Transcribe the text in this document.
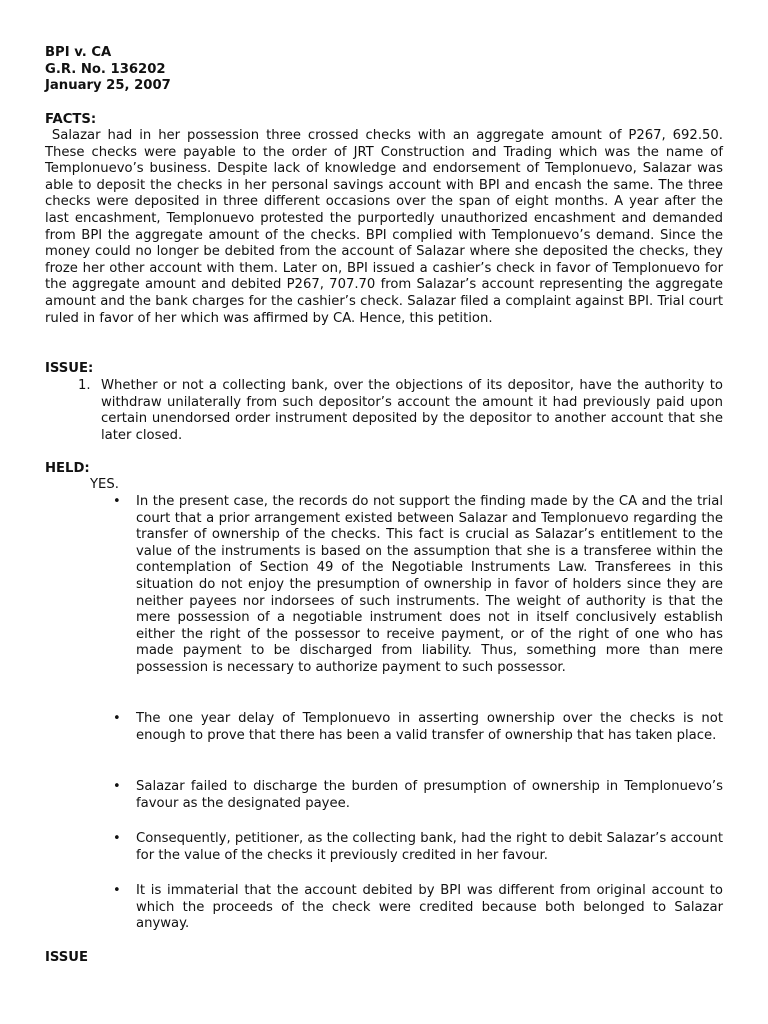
BPI v. CA
G.R. No. 136202
January 25, 2007
FACTS:
Salazar had in her possession three crossed checks with an aggregate amount of P267, 692.50. These checks were payable to the order of JRT Construction and Trading which was the name of Templonuevo’s business. Despite lack of knowledge and endorsement of Templonuevo, Salazar was able to deposit the checks in her personal savings account with BPI and encash the same. The three checks were deposited in three different occasions over the span of eight months. A year after the last encashment, Templonuevo protested the purportedly unauthorized encashment and demanded from BPI the aggregate amount of the checks. BPI complied with Templonuevo’s demand. Since the money could no longer be debited from the account of Salazar where she deposited the checks, they froze her other account with them. Later on, BPI issued a cashier’s check in favor of Templonuevo for the aggregate amount and debited P267, 707.70 from Salazar’s account representing the aggregate amount and the bank charges for the cashier’s check. Salazar filed a complaint against BPI. Trial court ruled in favor of her which was affirmed by CA. Hence, this petition.
ISSUE:
1. Whether or not a collecting bank, over the objections of its depositor, have the authority to withdraw unilaterally from such depositor’s account the amount it had previously paid upon certain unendorsed order instrument deposited by the depositor to another account that she later closed.
HELD:
YES.
•	In the present case, the records do not support the finding made by the CA and the trial court that a prior arrangement existed between Salazar and Templonuevo regarding the transfer of ownership of the checks. This fact is crucial as Salazar’s entitlement to the value of the instruments is based on the assumption that she is a transferee within the contemplation of Section 49 of the Negotiable Instruments Law. Transferees in this situation do not enjoy the presumption of ownership in favor of holders since they are neither payees nor indorsees of such instruments. The weight of authority is that the mere possession of a negotiable instrument does not in itself conclusively establish either the right of the possessor to receive payment, or of the right of one who has made payment to be discharged from liability. Thus, something more than mere possession is necessary to authorize payment to such possessor.
•	The one year delay of Templonuevo in asserting ownership over the checks is not enough to prove that there has been a valid transfer of ownership that has taken place.
•	Salazar failed to discharge the burden of presumption of ownership in Templonuevo’s favour as the designated payee.
•	Consequently, petitioner, as the collecting bank, had the right to debit Salazar’s account for the value of the checks it previously credited in her favour.
•	It is immaterial that the account debited by BPI was different from original account to which the proceeds of the check were credited because both belonged to Salazar anyway.
ISSUE
